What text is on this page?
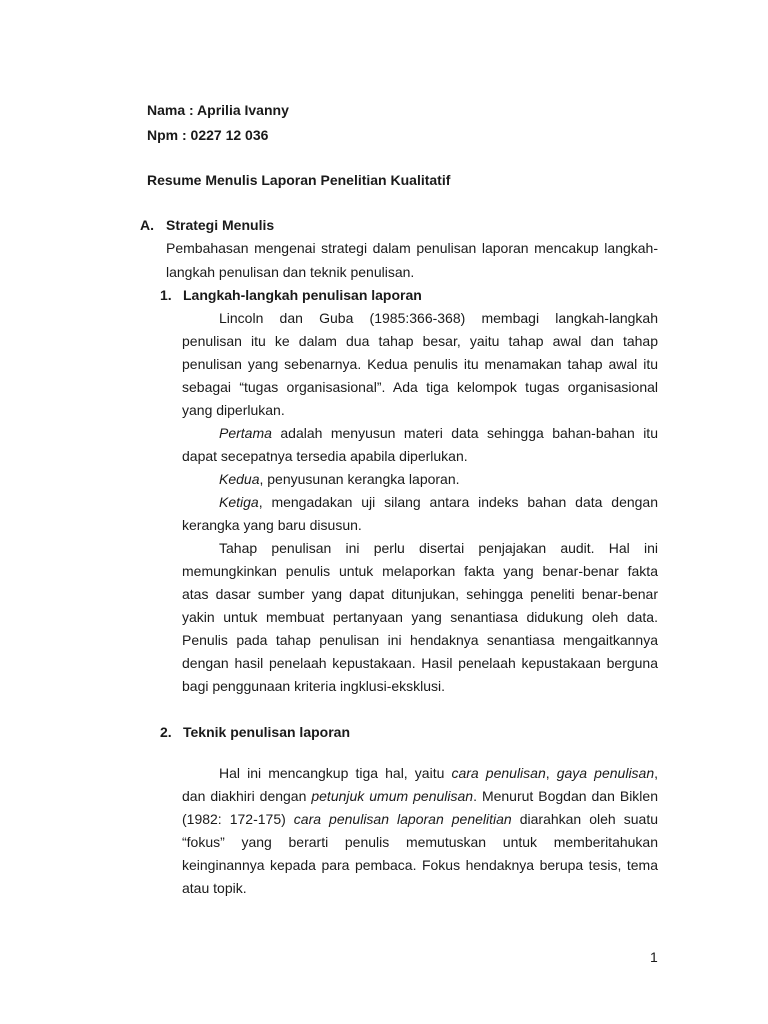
Nama : Aprilia Ivanny
Npm : 0227 12 036
Resume Menulis Laporan Penelitian Kualitatif
A. Strategi Menulis
Pembahasan mengenai strategi dalam penulisan laporan mencakup langkah-
langkah penulisan dan teknik penulisan.
1. Langkah-langkah penulisan laporan
Lincoln dan Guba (1985:366-368) membagi langkah-langkah
penulisan itu ke dalam dua tahap besar, yaitu tahap awal dan tahap
penulisan yang sebenarnya. Kedua penulis itu menamakan tahap awal itu
sebagai “tugas organisasional”. Ada tiga kelompok tugas organisasional
yang diperlukan.
Pertama adalah menyusun materi data sehingga bahan-bahan itu
dapat secepatnya tersedia apabila diperlukan.
Kedua, penyusunan kerangka laporan.
Ketiga, mengadakan uji silang antara indeks bahan data dengan
kerangka yang baru disusun.
Tahap penulisan ini perlu disertai penjajakan audit. Hal ini
memungkinkan penulis untuk melaporkan fakta yang benar-benar fakta
atas dasar sumber yang dapat ditunjukan, sehingga peneliti benar-benar
yakin untuk membuat pertanyaan yang senantiasa didukung oleh data.
Penulis pada tahap penulisan ini hendaknya senantiasa mengaitkannya
dengan hasil penelaah kepustakaan. Hasil penelaah kepustakaan berguna
bagi penggunaan kriteria ingklusi-eksklusi.
2. Teknik penulisan laporan
Hal ini mencangkup tiga hal, yaitu cara penulisan, gaya penulisan,
dan diakhiri dengan petunjuk umum penulisan. Menurut Bogdan dan Biklen
(1982: 172-175) cara penulisan laporan penelitian diarahkan oleh suatu
“fokus” yang berarti penulis memutuskan untuk memberitahukan
keinginannya kepada para pembaca. Fokus hendaknya berupa tesis, tema
atau topik.
1
